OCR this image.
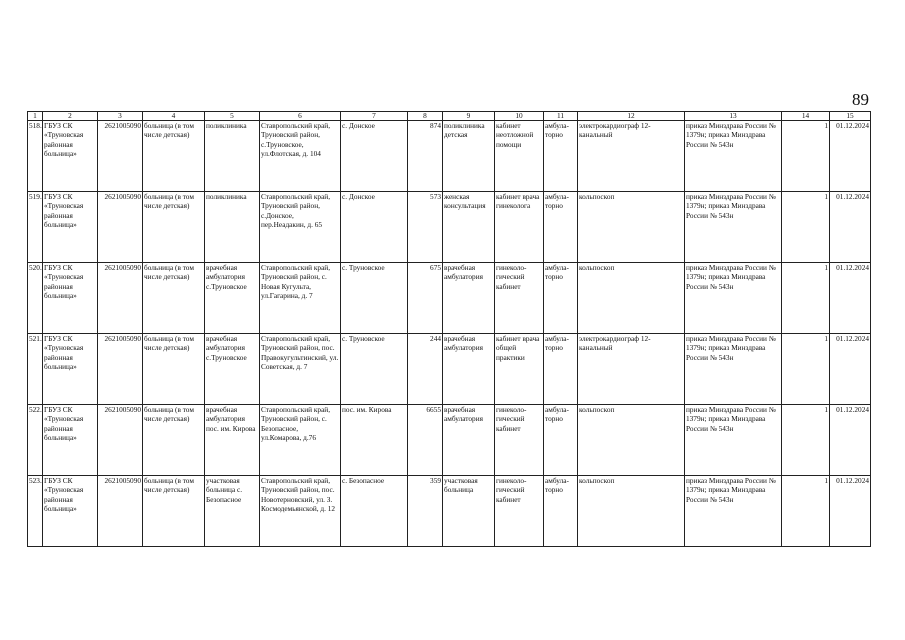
89
1	2	3	4	5	6	7	8	9	10	11	12	13	14	15
518.	ГБУЗ СК «Труновская районная больница»	2621005090	больница (в том числе детская)	поликлиника	Ставропольский край, Труновский район, с.Труновское, ул.Флотская, д. 104	с. Донское	874	поликлиника детская	кабинет неотложной помощи	амбула-торно	электрокардиограф 12-канальный	приказ Минздрава России № 1379н; приказ Минздрава России № 543н	1	01.12.2024
519.	ГБУЗ СК «Труновская районная больница»	2621005090	больница (в том числе детская)	поликлиника	Ставропольский край, Труновский район, с.Донское, пер.Неадакин, д. 65	с. Донское	573	женская консультация	кабинет врача гинеколога	амбула-торно	кольпоскоп	приказ Минздрава России № 1379н; приказ Минздрава России № 543н	1	01.12.2024
520.	ГБУЗ СК «Труновская районная больница»	2621005090	больница (в том числе детская)	врачебная амбулатория с.Труновское	Ставропольский край, Труновский район, с. Новая Кугульта, ул.Гагарина, д. 7	с. Труновское	675	врачебная амбулатория	гинеколо-гический кабинет	амбула-торно	кольпоскоп	приказ Минздрава России № 1379н; приказ Минздрава России № 543н	1	01.12.2024
521.	ГБУЗ СК «Труновская районная больница»	2621005090	больница (в том числе детская)	врачебная амбулатория с.Труновское	Ставропольский край, Труновский район, пос. Правокугультинский, ул. Советская, д. 7	с. Труновское	244	врачебная амбулатория	кабинет врача общей практики	амбула-торно	электрокардиограф 12-канальный	приказ Минздрава России № 1379н; приказ Минздрава России № 543н	1	01.12.2024
522.	ГБУЗ СК «Труновская районная больница»	2621005090	больница (в том числе детская)	врачебная амбулатория пос. им. Кирова	Ставропольский край, Труновский район, с. Безопасное, ул.Комарова, д.76	пос. им. Кирова	6655	врачебная амбулатория	гинеколо-гический кабинет	амбула-торно	кольпоскоп	приказ Минздрава России № 1379н; приказ Минздрава России № 543н	1	01.12.2024
523.	ГБУЗ СК «Труновская районная больница»	2621005090	больница (в том числе детская)	участковая больница с. Безопасное	Ставропольский край, Труновский район, пос. Новотерновский, ул. З. Космодемьянской, д. 12	с. Безопасное	359	участковая больница	гинеколо-гический кабинет	амбула-торно	кольпоскоп	приказ Минздрава России № 1379н; приказ Минздрава России № 543н	1	01.12.2024
